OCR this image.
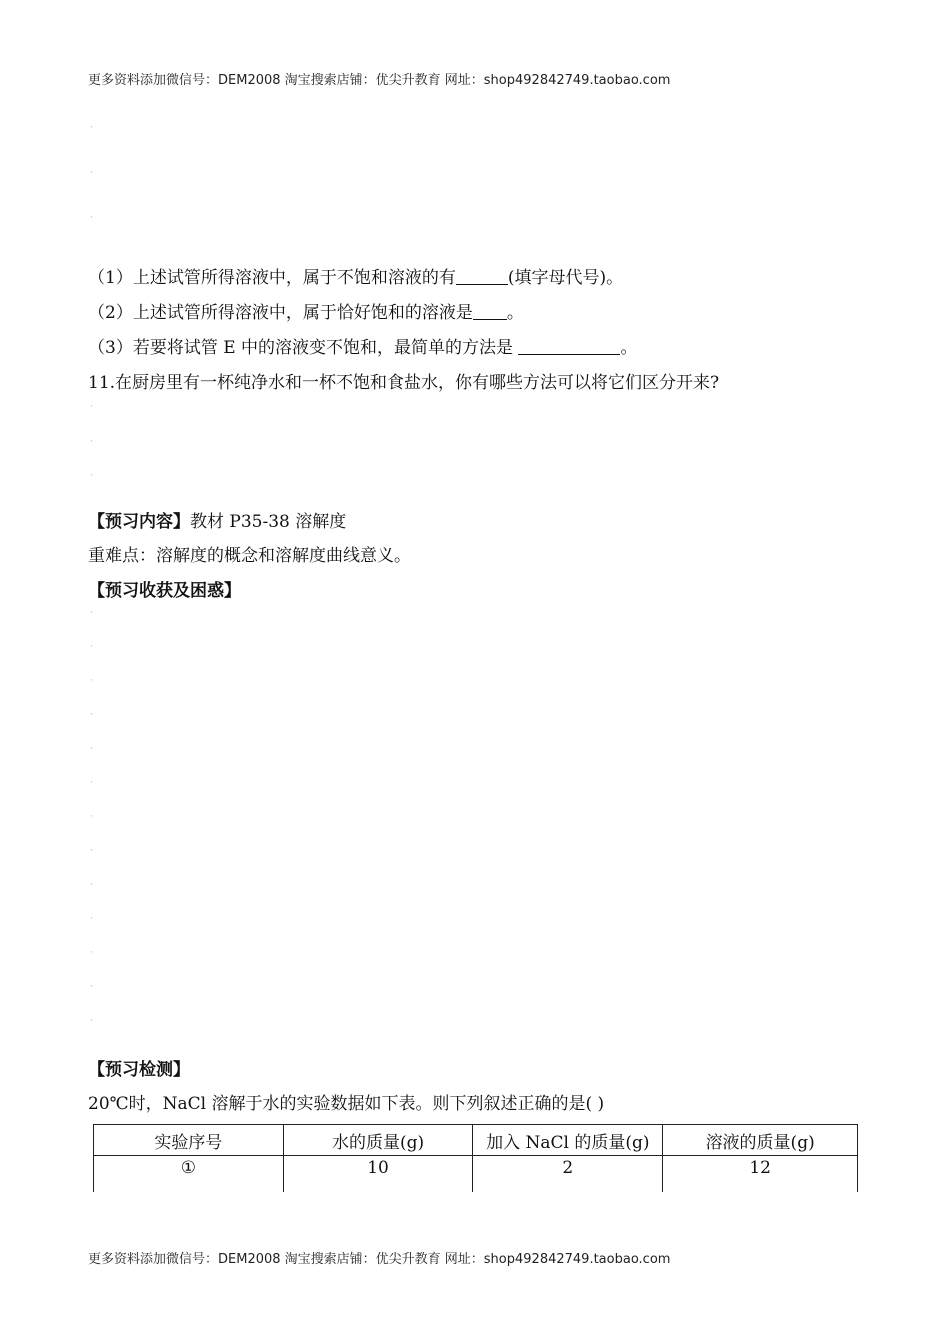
更多资料添加微信号：DEM2008 淘宝搜索店铺：优尖升教育 网址：shop492842749.taobao.com
˯
˯
˯
（1）上述试管所得溶液中，属于不饱和溶液的有	(填字母代号)。
（2）上述试管所得溶液中，属于恰好饱和的溶液是 。
（3）若要将试管 E 中的溶液变不饱和，最简单的方法是	。
11.在厨房里有一杯纯净水和一杯不饱和食盐水，你有哪些方法可以将它们区分开来?
˯
˯
˯
【预习内容】教材 P35-38 溶解度
重难点：溶解度的概念和溶解度曲线意义。
【预习收获及困惑】
˯
˯
˯
˯
˯
˯
˯
˯
˯
˯
˯
˯
˯
【预习检测】
20℃时，NaCl 溶解于水的实验数据如下表。则下列叙述正确的是( )
实验序号	水的质量(g)	加入 NaCl 的质量(g)	溶液的质量(g)
①	10	2	12
更多资料添加微信号：DEM2008 淘宝搜索店铺：优尖升教育 网址：shop492842749.taobao.com
